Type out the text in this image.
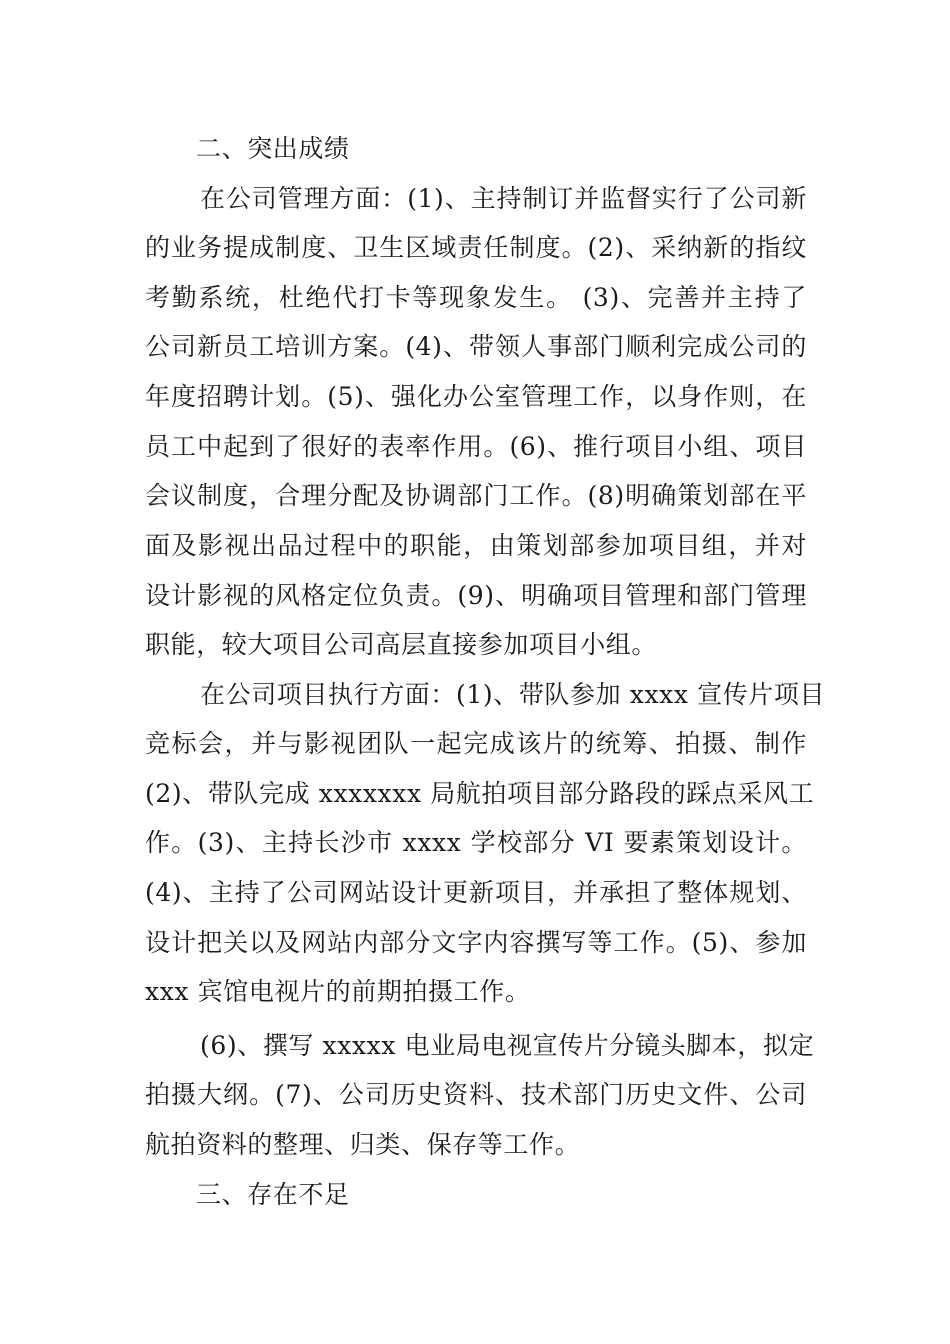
二、突出成绩
在公司管理方面：(1)、主持制订并监督实行了公司新
的业务提成制度、卫生区域责任制度。(2)、采纳新的指纹
考勤系统，杜绝代打卡等现象发生。 (3)、完善并主持了
公司新员工培训方案。(4)、带领人事部门顺利完成公司的
年度招聘计划。(5)、强化办公室管理工作，以身作则，在
员工中起到了很好的表率作用。(6)、推行项目小组、项目
会议制度，合理分配及协调部门工作。(8)明确策划部在平
面及影视出品过程中的职能，由策划部参加项目组，并对
设计影视的风格定位负责。(9)、明确项目管理和部门管理
职能，较大项目公司高层直接参加项目小组。
在公司项目执行方面：(1)、带队参加 xxxx 宣传片项目
竞标会，并与影视团队一起完成该片的统筹、拍摄、制作
(2)、带队完成 xxxxxxx 局航拍项目部分路段的踩点采风工
作。(3)、主持长沙市 xxxx 学校部分 VI 要素策划设计。
(4)、主持了公司网站设计更新项目，并承担了整体规划、
设计把关以及网站内部分文字内容撰写等工作。(5)、参加
xxx 宾馆电视片的前期拍摄工作。
(6)、撰写 xxxxx 电业局电视宣传片分镜头脚本，拟定
拍摄大纲。(7)、公司历史资料、技术部门历史文件、公司
航拍资料的整理、归类、保存等工作。
三、存在不足
